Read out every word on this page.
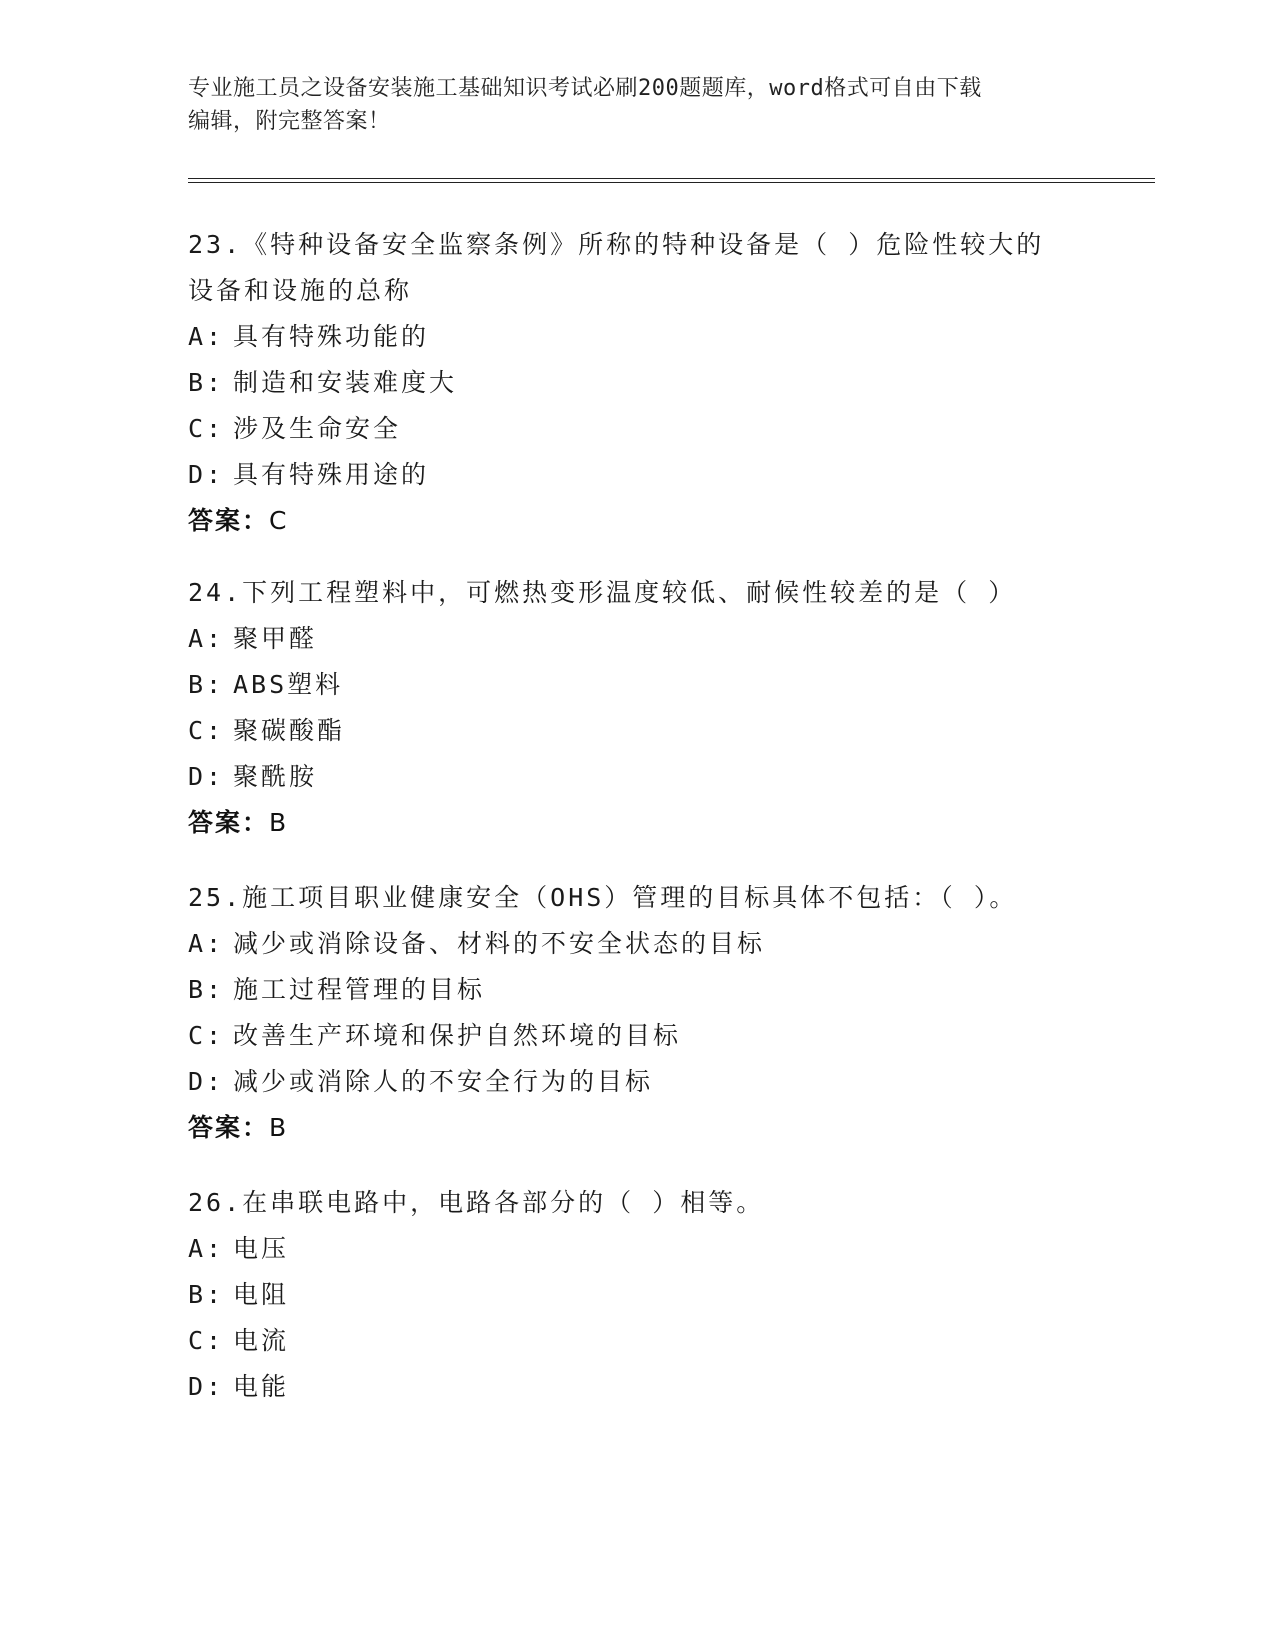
专业施工员之设备安装施工基础知识考试必刷200题题库，word格式可自由下载
编辑，附完整答案！

23.《特种设备安全监察条例》所称的特种设备是（ ）危险性较大的

设备和设施的总称

A: 具有特殊功能的

B: 制造和安装难度大

C: 涉及生命安全

D: 具有特殊用途的

答案：C

24.下列工程塑料中，可燃热变形温度较低、耐候性较差的是（ ）

A: 聚甲醛

B: ABS塑料

C: 聚碳酸酯

D: 聚酰胺

答案：B

25.施工项目职业健康安全（OHS）管理的目标具体不包括：（ ）。

A: 减少或消除设备、材料的不安全状态的目标

B: 施工过程管理的目标

C: 改善生产环境和保护自然环境的目标

D: 减少或消除人的不安全行为的目标

答案：B

26.在串联电路中，电路各部分的（ ）相等。

A: 电压

B: 电阻

C: 电流

D: 电能
